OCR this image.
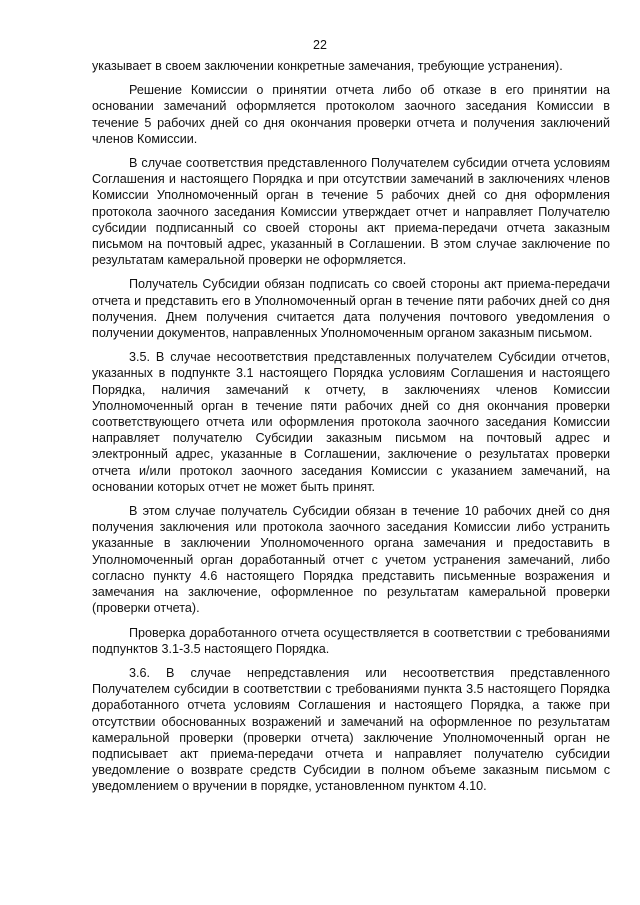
22

указывает в своем заключении конкретные замечания, требующие устранения).

Решение Комиссии о принятии отчета либо об отказе в его принятии на основании замечаний оформляется протоколом заочного заседания Комиссии в течение 5 рабочих дней со дня окончания проверки отчета и получения заключений членов Комиссии.

В случае соответствия представленного Получателем субсидии отчета условиям Соглашения и настоящего Порядка и при отсутствии замечаний в заключениях членов Комиссии Уполномоченный орган в течение 5 рабочих дней со дня оформления протокола заочного заседания Комиссии утверждает отчет и направляет Получателю субсидии подписанный со своей стороны акт приема-передачи отчета заказным письмом на почтовый адрес, указанный в Соглашении. В этом случае заключение по результатам камеральной проверки не оформляется.

Получатель Субсидии обязан подписать со своей стороны акт приема-передачи отчета и представить его в Уполномоченный орган в течение пяти рабочих дней со дня получения. Днем получения считается дата получения почтового уведомления о получении документов, направленных Уполномоченным органом заказным письмом.

3.5. В случае несоответствия представленных получателем Субсидии отчетов, указанных в подпункте 3.1 настоящего Порядка условиям Соглашения и настоящего Порядка, наличия замечаний к отчету, в заключениях членов Комиссии Уполномоченный орган в течение пяти рабочих дней со дня окончания проверки соответствующего отчета или оформления протокола заочного заседания Комиссии направляет получателю Субсидии заказным письмом на почтовый адрес и электронный адрес, указанные в Соглашении, заключение о результатах проверки отчета и/или протокол заочного заседания Комиссии с указанием замечаний, на основании которых отчет не может быть принят.

В этом случае получатель Субсидии обязан в течение 10 рабочих дней со дня получения заключения или протокола заочного заседания Комиссии либо устранить указанные в заключении Уполномоченного органа замечания и предоставить в Уполномоченный орган доработанный отчет с учетом устранения замечаний, либо согласно пункту 4.6 настоящего Порядка представить письменные возражения и замечания на заключение, оформленное по результатам камеральной проверки (проверки отчета).

Проверка доработанного отчета осуществляется в соответствии с требованиями подпунктов 3.1-3.5 настоящего Порядка.

3.6. В случае непредставления или несоответствия представленного Получателем субсидии в соответствии с требованиями пункта 3.5 настоящего Порядка доработанного отчета условиям Соглашения и настоящего Порядка, а также при отсутствии обоснованных возражений и замечаний на оформленное по результатам камеральной проверки (проверки отчета) заключение Уполномоченный орган не подписывает акт приема-передачи отчета и направляет получателю субсидии уведомление о возврате средств Субсидии в полном объеме заказным письмом с уведомлением о вручении в порядке, установленном пунктом 4.10.
